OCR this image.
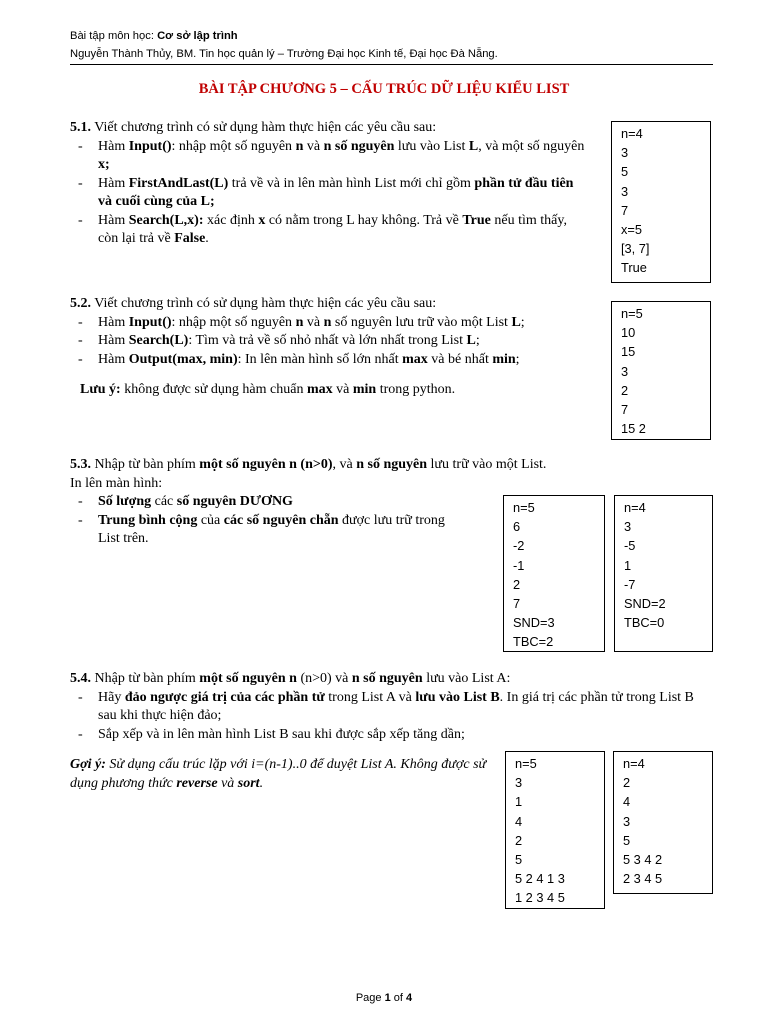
Bài tập môn học: Cơ sở lập trình
Nguyễn Thành Thủy, BM. Tin học quản lý – Trường Đại học Kinh tế, Đại học Đà Nẵng.
BÀI TẬP CHƯƠNG 5 – CẤU TRÚC DỮ LIỆU KIỂU LIST

5.1. Viết chương trình có sử dụng hàm thực hiện các yêu cầu sau:

- Hàm Input(): nhập một số nguyên n và n số nguyên lưu vào List L, và một số nguyên x;
- Hàm FirstAndLast(L) trả về và in lên màn hình List mới chỉ gồm phần tử đầu tiên và cuối cùng của L;
- Hàm Search(L,x): xác định x có nằm trong L hay không. Trả về True nếu tìm thấy, còn lại trả về False.

5.2. Viết chương trình có sử dụng hàm thực hiện các yêu cầu sau:

- Hàm Input(): nhập một số nguyên n và n số nguyên lưu trữ vào một List L;
- Hàm Search(L): Tìm và trả về số nhỏ nhất và lớn nhất trong List L;
- Hàm Output(max, min): In lên màn hình số lớn nhất max và bé nhất min;

Lưu ý: không được sử dụng hàm chuẩn max và min trong python.

5.3. Nhập từ bàn phím một số nguyên n (n>0), và n số nguyên lưu trữ vào một List.

In lên màn hình:

- Số lượng các số nguyên DƯƠNG
- Trung bình cộng của các số nguyên chẵn được lưu trữ trong List trên.

5.4. Nhập từ bàn phím một số nguyên n (n>0) và n số nguyên lưu vào List A:

- Hãy đảo ngược giá trị của các phần tử trong List A và lưu vào List B. In giá trị các phần tử trong List B sau khi thực hiện đảo;
- Sắp xếp và in lên màn hình List B sau khi được sắp xếp tăng dần;

Gợi ý: Sử dụng cấu trúc lặp với i=(n-1)..0 để duyệt List A. Không được sử dụng phương thức reverse và sort.

n=4
3
5
3
7
x=5
[3, 7]
True
n=5
10
15
3
2
7
15 2
n=5
6
-2
-1
2
7
SND=3
TBC=2
n=4
3
-5
1
-7
SND=2
TBC=0
n=5
3
1
4
2
5
5 2 4 1 3
1 2 3 4 5
n=4
2
4
3
5
5 3 4 2
2 3 4 5
Page 1 of 4
